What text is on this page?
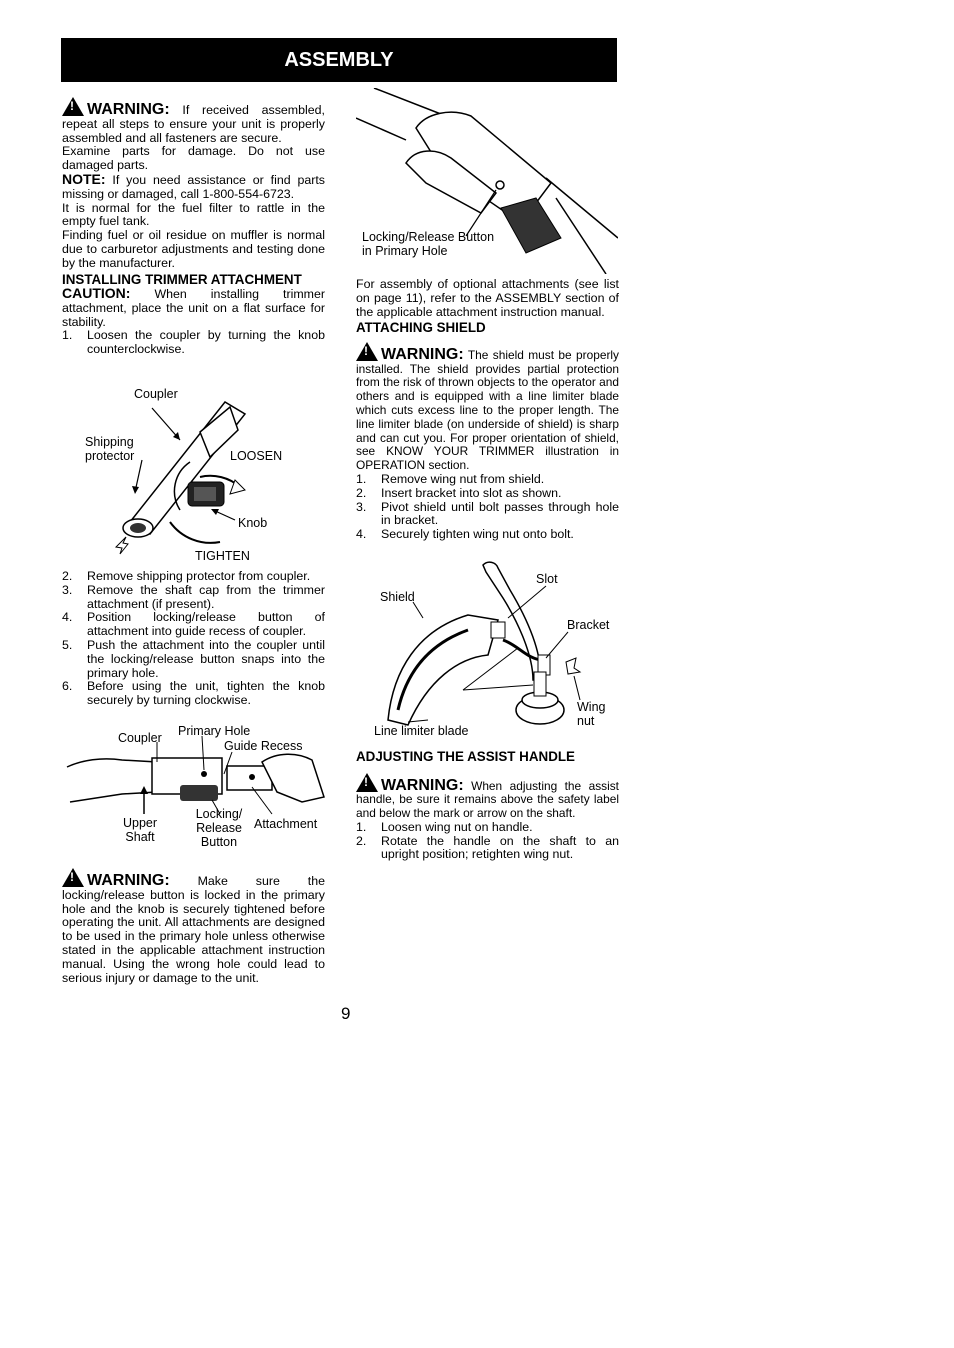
ASSEMBLY

!WARNING: If received assembled, repeat all steps to ensure your unit is properly assembled and all fasteners are secure.

Examine parts for damage. Do not use damaged parts.

NOTE: If you need assistance or find parts missing or damaged, call 1-800-554-6723.

It is normal for the fuel filter to rattle in the empty fuel tank.

Finding fuel or oil residue on muffler is normal due to carburetor adjustments and testing done by the manufacturer.

INSTALLING TRIMMER ATTACHMENT

CAUTION: When installing trimmer attachment, place the unit on a flat surface for stability.

1. Loosen the coupler by turning the knob counterclockwise.
Coupler
Shipping protector	LOOSEN
Knob
TIGHTEN
2. Remove shipping protector from coupler.
3. Remove the shaft cap from the trimmer attachment (if present).
4. Position locking/release button of attachment into guide recess of coupler.
5. Push the attachment into the coupler until the locking/release button snaps into the primary hole.
6. Before using the unit, tighten the knob securely by turning clockwise.
Coupler Primary Hole
Guide Recess
Upper Shaft
Locking/ Release Button
Attachment

!WARNING: Make sure the locking/release button is locked in the primary hole and the knob is securely tightened before operating the unit. All attachments are designed to be used in the primary hole unless otherwise stated in the applicable attachment instruction manual. Using the wrong hole could lead to serious injury or damage to the unit.

Locking/Release Button in Primary Hole

For assembly of optional attachments (see list on page 11), refer to the ASSEMBLY section of the applicable attachment instruction manual.

ATTACHING SHIELD

!WARNING: The shield must be properly installed. The shield provides partial protection from the risk of thrown objects to the operator and others and is equipped with a line limiter blade which cuts excess line to the proper length. The line limiter blade (on underside of shield) is sharp and can cut you. For proper orientation of shield, see KNOW YOUR TRIMMER illustration in OPERATION section.

1. Remove wing nut from shield.
2. Insert bracket into slot as shown.
3. Pivot shield until bolt passes through hole in bracket.
4. Securely tighten wing nut onto bolt.
Slot
Shield
Bracket
Wing nut
Line limiter blade

ADJUSTING THE ASSIST HANDLE

!WARNING: When adjusting the assist handle, be sure it remains above the safety label and below the mark or arrow on the shaft.

1. Loosen wing nut on handle.
2. Rotate the handle on the shaft to an upright position; retighten wing nut.
9
